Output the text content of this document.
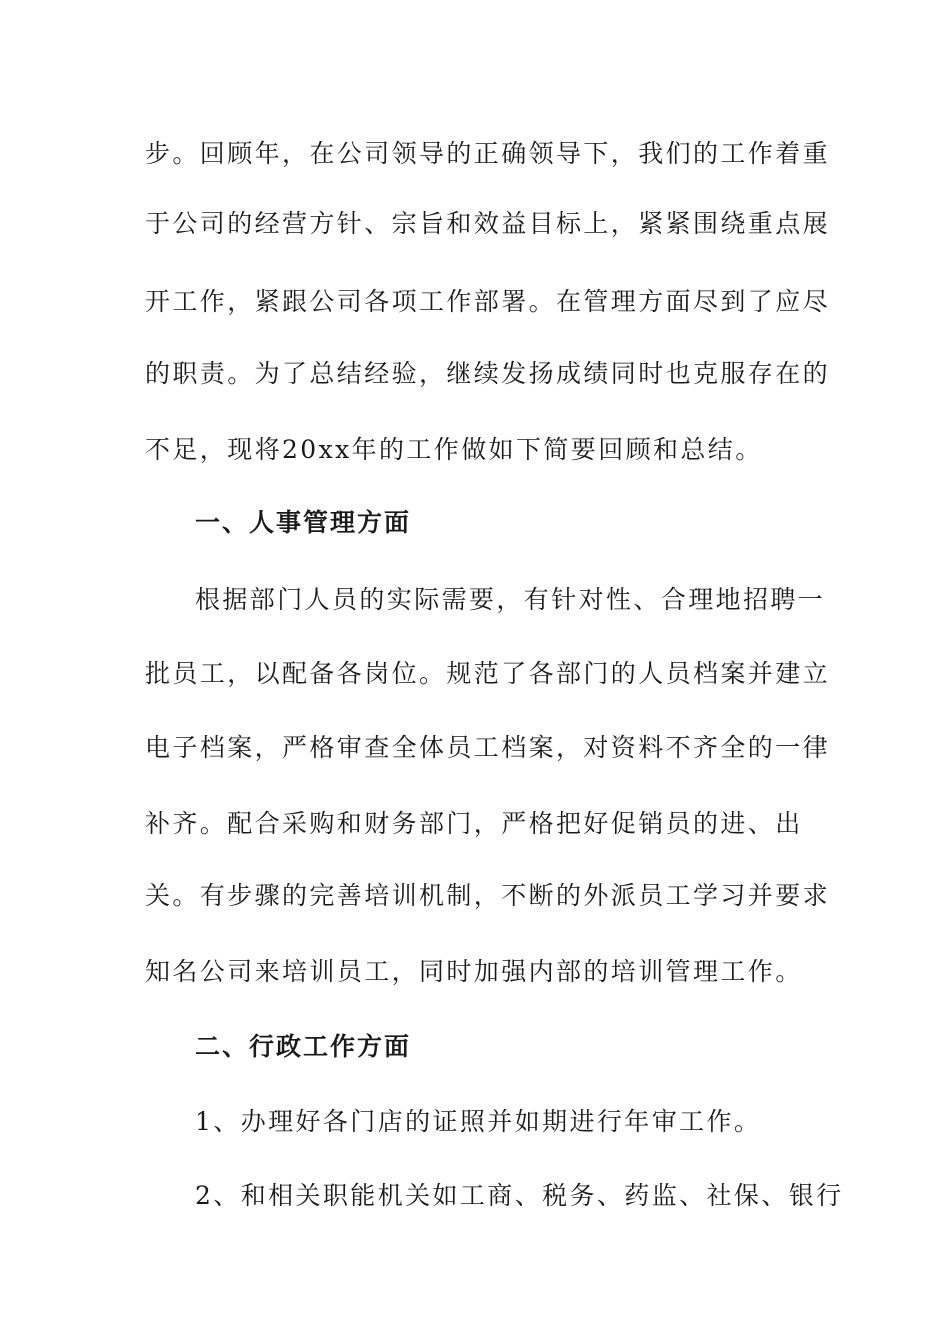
步。回顾年，在公司领导的正确领导下，我们的工作着重
于公司的经营方针、宗旨和效益目标上，紧紧围绕重点展
开工作，紧跟公司各项工作部署。在管理方面尽到了应尽
的职责。为了总结经验，继续发扬成绩同时也克服存在的
不足，现将20xx年的工作做如下简要回顾和总结。
一、人事管理方面
根据部门人员的实际需要，有针对性、合理地招聘一
批员工，以配备各岗位。规范了各部门的人员档案并建立
电子档案，严格审查全体员工档案，对资料不齐全的一律
补齐。配合采购和财务部门，严格把好促销员的进、出
关。有步骤的完善培训机制，不断的外派员工学习并要求
知名公司来培训员工，同时加强内部的培训管理工作。
二、行政工作方面
1、办理好各门店的证照并如期进行年审工作。
2、和相关职能机关如工商、税务、药监、社保、银行
